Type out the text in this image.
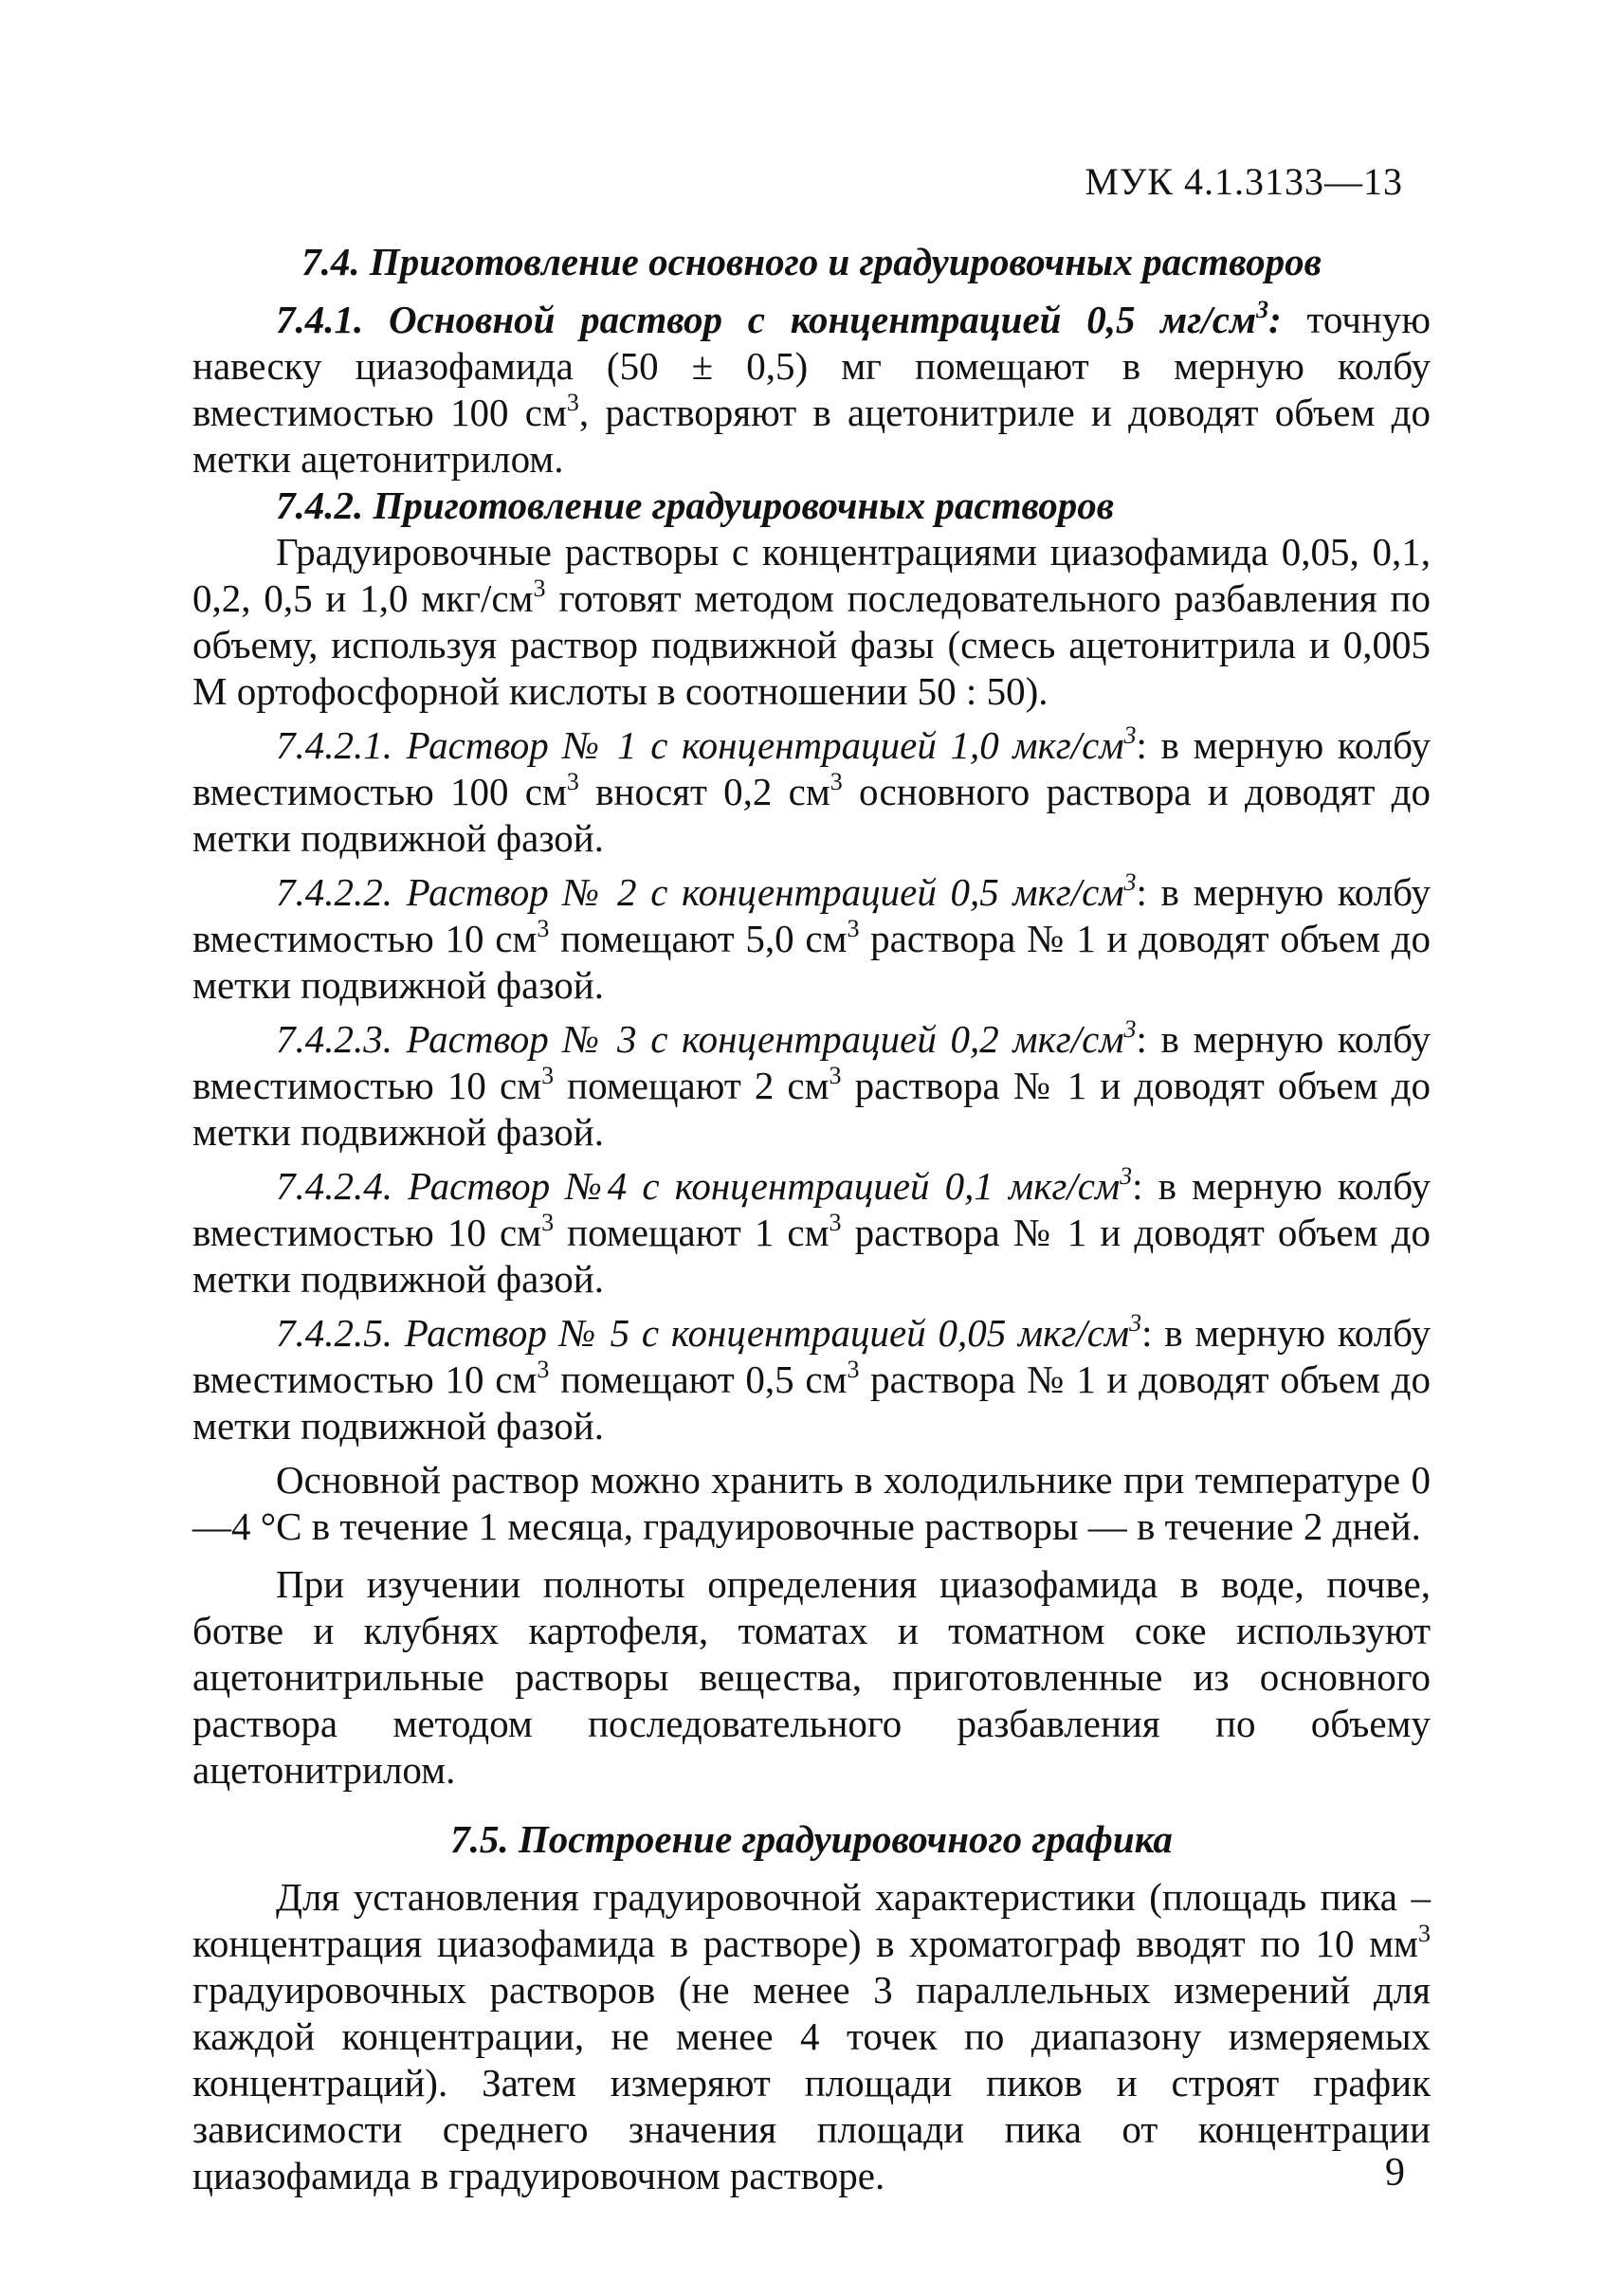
МУК 4.1.3133—13

7.4. Приготовление основного и градуировочных растворов

7.4.1. Основной раствор с концентрацией 0,5 $мг/см^3$: точную навеску циазофамида (50 ± 0,5) мг помещают в мерную колбу вместимостью 100 $см^3$, растворяют в ацетонитриле и доводят объем до метки ацетонитрилом.

7.4.2. Приготовление градуировочных растворов

Градуировочные растворы с концентрациями циазофамида 0,05, 0,1, 0,2, 0,5 и 1,0 мкг/$см^3$ готовят методом последовательного разбавления по объему, используя раствор подвижной фазы (смесь ацетонитрила и 0,005 М ортофосфорной кислоты в соотношении 50 : 50).

7.4.2.1. Раствор № 1 с концентрацией 1,0 мкг/$см^3$: в мерную колбу вместимостью 100 $см^3$ вносят 0,2 $см^3$ основного раствора и доводят до метки подвижной фазой.

7.4.2.2. Раствор № 2 с концентрацией 0,5 мкг/$см^3$: в мерную колбу вместимостью 10 $см^3$ помещают 5,0 $см^3$ раствора № 1 и доводят объем до метки подвижной фазой.

7.4.2.3. Раствор № 3 с концентрацией 0,2 мкг/$см^3$: в мерную колбу вместимостью 10 $см^3$ помещают 2 $см^3$ раствора № 1 и доводят объем до метки подвижной фазой.

7.4.2.4. Раствор №4 с концентрацией 0,1 мкг/$см^3$: в мерную колбу вместимостью 10 $см^3$ помещают 1 $см^3$ раствора № 1 и доводят объем до метки подвижной фазой.

7.4.2.5. Раствор № 5 с концентрацией 0,05 мкг/$см^3$: в мерную колбу вместимостью 10 $см^3$ помещают 0,5 $см^3$ раствора № 1 и доводят объем до метки подвижной фазой.

Основной раствор можно хранить в холодильнике при температуре 0—4 °С в течение 1 месяца, градуировочные растворы — в течение 2 дней.

При изучении полноты определения циазофамида в воде, почве, ботве и клубнях картофеля, томатах и томатном соке используют ацетонитрильные растворы вещества, приготовленные из основного раствора методом последовательного разбавления по объему ацетонитрилом.

7.5. Построение градуировочного графика

Для установления градуировочной характеристики (площадь пика – концентрация циазофамида в растворе) в хроматограф вводят по 10 $мм^3$ градуировочных растворов (не менее 3 параллельных измерений для каждой концентрации, не менее 4 точек по диапазону измеряемых концентраций). Затем измеряют площади пиков и строят график зависимости среднего значения площади пика от концентрации циазофамида в градуировочном растворе.	9
